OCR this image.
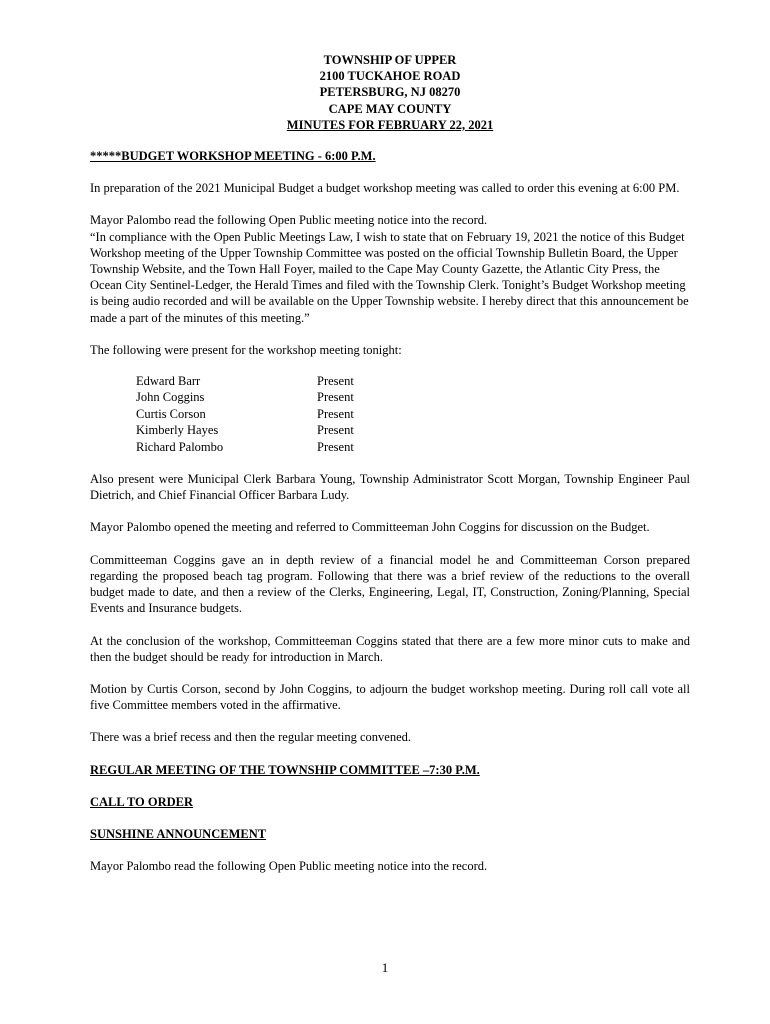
TOWNSHIP OF UPPER
2100 TUCKAHOE ROAD
PETERSBURG, NJ 08270
CAPE MAY COUNTY
MINUTES FOR FEBRUARY 22, 2021

*****BUDGET WORKSHOP MEETING - 6:00 P.M.

In preparation of the 2021 Municipal Budget a budget workshop meeting was called to order this evening at 6:00 PM.

Mayor Palombo read the following Open Public meeting notice into the record.

“In compliance with the Open Public Meetings Law, I wish to state that on February 19, 2021 the notice of this Budget Workshop meeting of the Upper Township Committee was posted on the official Township Bulletin Board, the Upper Township Website, and the Town Hall Foyer, mailed to the Cape May County Gazette, the Atlantic City Press, the Ocean City Sentinel-Ledger, the Herald Times and filed with the Township Clerk. Tonight’s Budget Workshop meeting is being audio recorded and will be available on the Upper Township website. I hereby direct that this announcement be made a part of the minutes of this meeting.”

The following were present for the workshop meeting tonight:

Edward Barr	Present
John Coggins	Present
Curtis Corson	Present
Kimberly Hayes	Present
Richard Palombo	Present

Also present were Municipal Clerk Barbara Young, Township Administrator Scott Morgan, Township Engineer Paul Dietrich, and Chief Financial Officer Barbara Ludy.

Mayor Palombo opened the meeting and referred to Committeeman John Coggins for discussion on the Budget.

Committeeman Coggins gave an in depth review of a financial model he and Committeeman Corson prepared regarding the proposed beach tag program. Following that there was a brief review of the reductions to the overall budget made to date, and then a review of the Clerks, Engineering, Legal, IT, Construction, Zoning/Planning, Special Events and Insurance budgets.

At the conclusion of the workshop, Committeeman Coggins stated that there are a few more minor cuts to make and then the budget should be ready for introduction in March.

Motion by Curtis Corson, second by John Coggins, to adjourn the budget workshop meeting. During roll call vote all five Committee members voted in the affirmative.

There was a brief recess and then the regular meeting convened.

REGULAR MEETING OF THE TOWNSHIP COMMITTEE –7:30 P.M.

CALL TO ORDER

SUNSHINE ANNOUNCEMENT

Mayor Palombo read the following Open Public meeting notice into the record.

1
